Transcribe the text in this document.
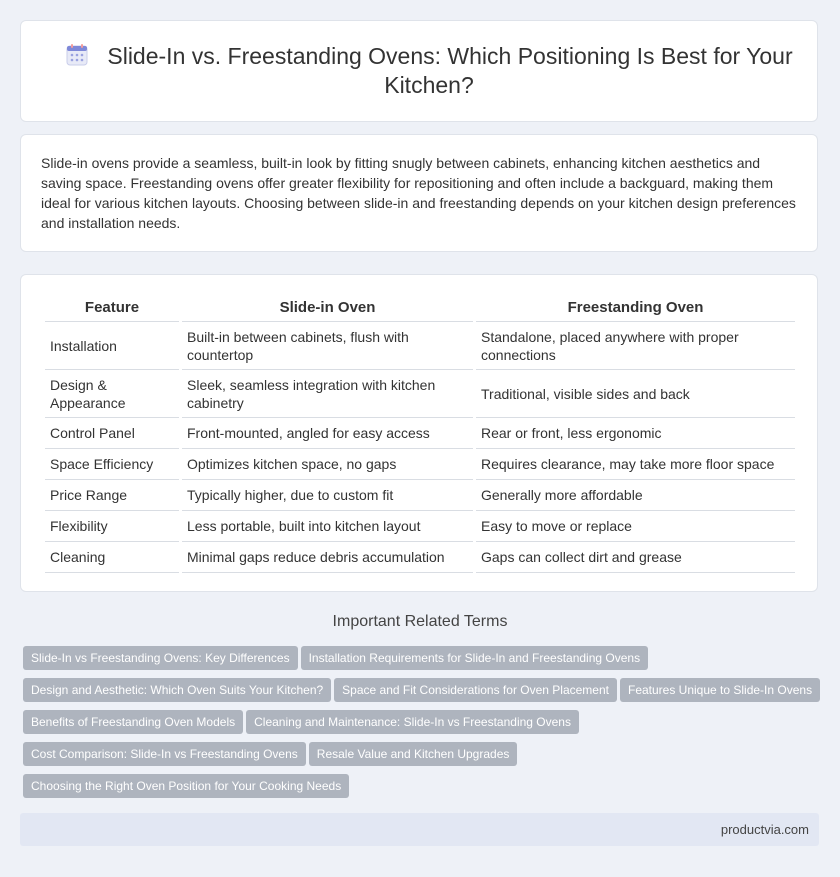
Slide-In vs. Freestanding Ovens: Which Positioning Is Best for Your Kitchen?
Slide-in ovens provide a seamless, built-in look by fitting snugly between cabinets, enhancing kitchen aesthetics and saving space. Freestanding ovens offer greater flexibility for repositioning and often include a backguard, making them ideal for various kitchen layouts. Choosing between slide-in and freestanding depends on your kitchen design preferences and installation needs.
Feature	Slide-in Oven	Freestanding Oven
Installation	Built-in between cabinets, flush with countertop	Standalone, placed anywhere with proper connections
Design & Appearance	Sleek, seamless integration with kitchen cabinetry	Traditional, visible sides and back
Control Panel	Front-mounted, angled for easy access	Rear or front, less ergonomic
Space Efficiency	Optimizes kitchen space, no gaps	Requires clearance, may take more floor space
Price Range	Typically higher, due to custom fit	Generally more affordable
Flexibility	Less portable, built into kitchen layout	Easy to move or replace
Cleaning	Minimal gaps reduce debris accumulation	Gaps can collect dirt and grease
Important Related Terms
Slide-In vs Freestanding Ovens: Key Differences Installation Requirements for Slide-In and Freestanding Ovens
Design and Aesthetic: Which Oven Suits Your Kitchen? Space and Fit Considerations for Oven Placement Features Unique to Slide-In Ovens
Benefits of Freestanding Oven Models Cleaning and Maintenance: Slide-In vs Freestanding Ovens
Cost Comparison: Slide-In vs Freestanding Ovens Resale Value and Kitchen Upgrades
Choosing the Right Oven Position for Your Cooking Needs
productvia.com
